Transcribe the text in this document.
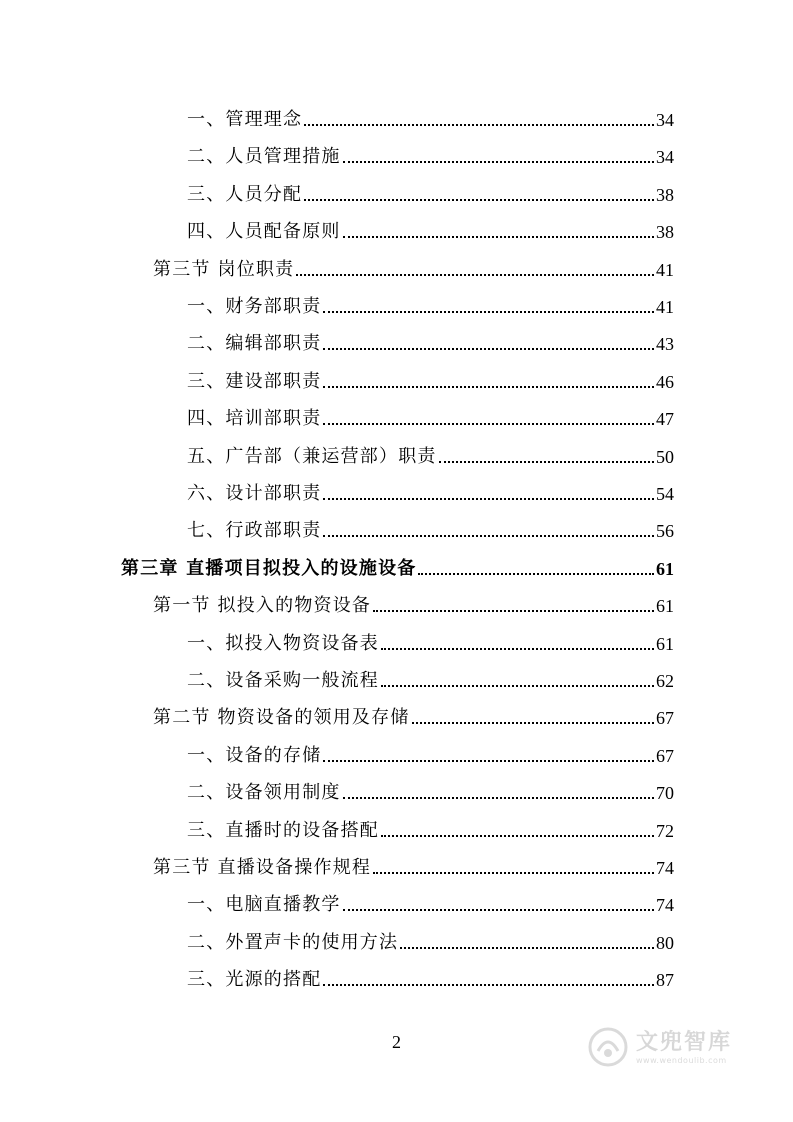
一、管理理念	34
二、人员管理措施	34
三、人员分配	38
四、人员配备原则	38
第三节 岗位职责	41
一、财务部职责	41
二、编辑部职责	43
三、建设部职责	46
四、培训部职责	47
五、广告部（兼运营部）职责	50
六、设计部职责	54
七、行政部职责	56
第三章 直播项目拟投入的设施设备	61
第一节 拟投入的物资设备	61
一、拟投入物资设备表	61
二、设备采购一般流程	62
第二节 物资设备的领用及存储	67
一、设备的存储	67
二、设备领用制度	70
三、直播时的设备搭配	72
第三节 直播设备操作规程	74
一、电脑直播教学	74
二、外置声卡的使用方法	80
三、光源的搭配	87
2	文兜智库
www.wendoulib.com
